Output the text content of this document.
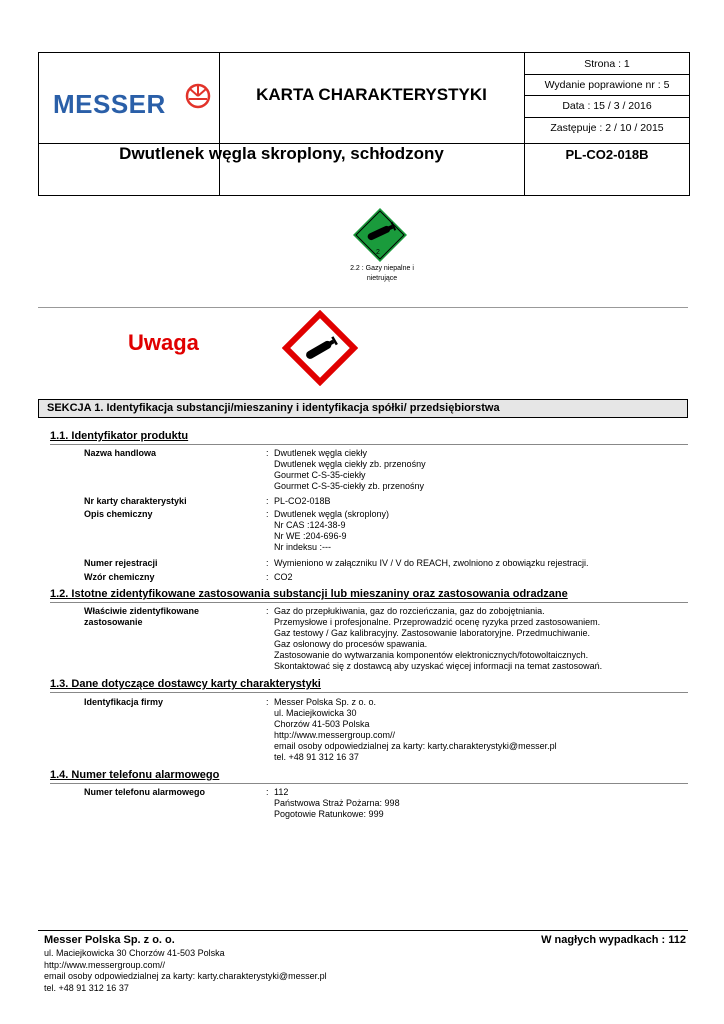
MESSER	KARTA CHARAKTERYSTYKI
Strona : 1
Wydanie poprawione nr : 5
Data : 15 / 3 / 2016
Zastępuje : 2 / 10 / 2015
Dwutlenek węgla skroplony, schłodzony	PL-CO2-018B
2
2.2 : Gazy niepalne i
nietrujące
Uwaga
SEKCJA 1. Identyfikacja substancji/mieszaniny i identyfikacja spółki/ przedsiębiorstwa
1.1. Identyfikator produktu
Nazwa handlowa	: Dwutlenek węgla ciekły
Dwutlenek węgla ciekły zb. przenośny
Gourmet C-S-35-ciekły
Gourmet C-S-35-ciekły zb. przenośny
Nr karty charakterystyki	: PL-CO2-018B
Opis chemiczny	: Dwutlenek węgla (skroplony)
Nr CAS :124-38-9
Nr WE :204-696-9
Nr indeksu :---
Numer rejestracji	: Wymieniono w załączniku IV / V do REACH, zwolniono z obowiązku rejestracji.
Wzór chemiczny	: CO2
1.2. Istotne zidentyfikowane zastosowania substancji lub mieszaniny oraz zastosowania odradzane
Właściwie zidentyfikowane
zastosowanie
: Gaz do przepłukiwania, gaz do rozcieńczania, gaz do zobojętniania.
Przemysłowe i profesjonalne. Przeprowadzić ocenę ryzyka przed zastosowaniem.
Gaz testowy / Gaz kalibracyjny. Zastosowanie laboratoryjne. Przedmuchiwanie.
Gaz osłonowy do procesów spawania.
Zastosowanie do wytwarzania komponentów elektronicznych/fotowoltaicznych.
Skontaktować się z dostawcą aby uzyskać więcej informacji na temat zastosowań.
1.3. Dane dotyczące dostawcy karty charakterystyki
Identyfikacja firmy	: Messer Polska Sp. z o. o.
ul. Maciejkowicka 30
Chorzów 41-503 Polska
http://www.messergroup.com//
email osoby odpowiedzialnej za karty: karty.charakterystyki@messer.pl
tel. +48 91 312 16 37
1.4. Numer telefonu alarmowego
Numer telefonu alarmowego	: 112
Państwowa Straż Pożarna: 998
Pogotowie Ratunkowe: 999
Messer Polska Sp. z o. o.	W nagłych wypadkach : 112
ul. Maciejkowicka 30 Chorzów 41-503 Polska
http://www.messergroup.com//
email osoby odpowiedzialnej za karty: karty.charakterystyki@messer.pl
tel. +48 91 312 16 37
